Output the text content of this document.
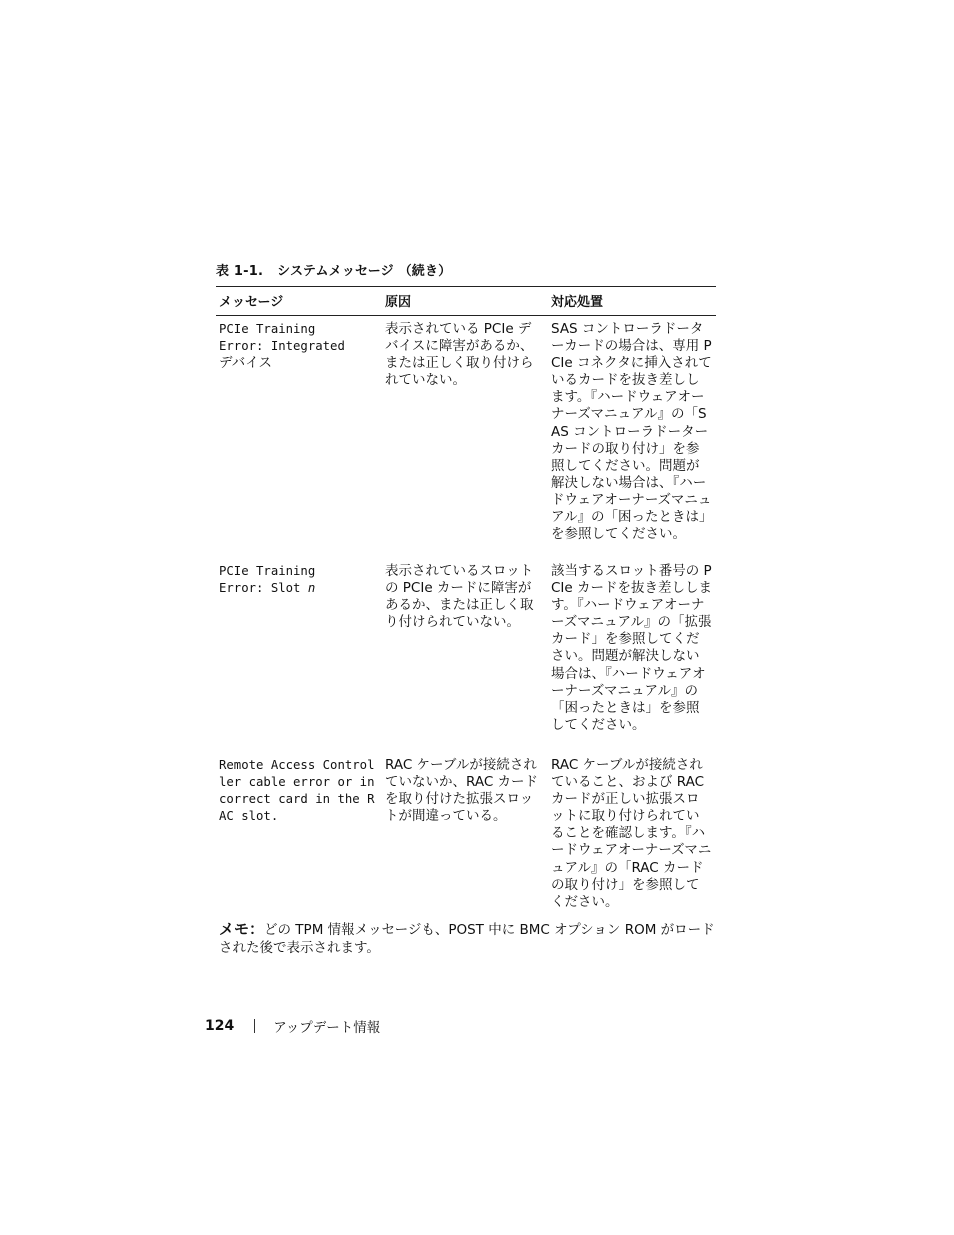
表 1-1. システムメッセージ （続き）
メッセージ	原因	対応処置
PCIe Training
Error: Integrated
デバイス	表示されている PCIe デバイスに障害があるか、または正しく取り付けられていない。	SAS コントローラドーターカードの場合は、専用 PCIe コネクタに挿入されているカードを抜き差しします。『ハードウェアオーナーズマニュアル』の「SAS コントローラドーターカードの取り付け」を参照してください。問題が解決しない場合は、『ハードウェアオーナーズマニュアル』の「困ったときは」を参照してください。
PCIe Training
Error: Slot n	表示されているスロットの PCIe カードに障害があるか、または正しく取り付けられていない。	該当するスロット番号の PCIe カードを抜き差しします。『ハードウェアオーナーズマニュアル』の「拡張カード」を参照してください。問題が解決しない場合は、『ハードウェアオーナーズマニュアル』の「困ったときは」を参照してください。
Remote Access Controller cable error or incorrect card in the RAC slot.	RAC ケーブルが接続されていないか、RAC カードを取り付けた拡張スロットが間違っている。	RAC ケーブルが接続されていること、および RAC カードが正しい拡張スロットに取り付けられていることを確認します。『ハードウェアオーナーズマニュアル』の「RAC カードの取り付け」を参照してください。
メモ：どの TPM 情報メッセージも、POST 中に BMC オプション ROM がロードされた後で表示されます。
124	アップデート情報
